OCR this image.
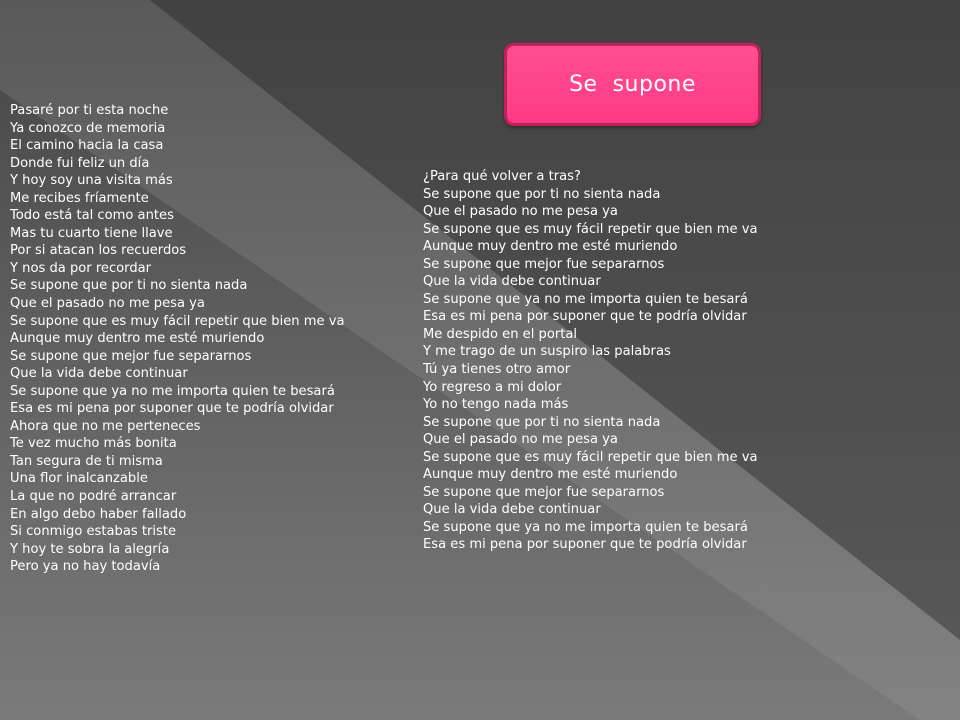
Se  supone
Pasaré por ti esta noche
Ya conozco de memoria
El camino hacia la casa
Donde fui feliz un día
Y hoy soy una visita más
Me recibes fríamente
Todo está tal como antes
Mas tu cuarto tiene llave
Por si atacan los recuerdos
Y nos da por recordar
Se supone que por ti no sienta nada
Que el pasado no me pesa ya
Se supone que es muy fácil repetir que bien me va
Aunque muy dentro me esté muriendo
Se supone que mejor fue separarnos
Que la vida debe continuar
Se supone que ya no me importa quien te besará
Esa es mi pena por suponer que te podría olvidar
Ahora que no me perteneces
Te vez mucho más bonita
Tan segura de ti misma
Una flor inalcanzable
La que no podré arrancar
En algo debo haber fallado
Si conmigo estabas triste
Y hoy te sobra la alegría
Pero ya no hay todavía
¿Para qué volver a tras?
Se supone que por ti no sienta nada
Que el pasado no me pesa ya
Se supone que es muy fácil repetir que bien me va
Aunque muy dentro me esté muriendo
Se supone que mejor fue separarnos
Que la vida debe continuar
Se supone que ya no me importa quien te besará
Esa es mi pena por suponer que te podría olvidar
Me despido en el portal
Y me trago de un suspiro las palabras
Tú ya tienes otro amor
Yo regreso a mi dolor
Yo no tengo nada más
Se supone que por ti no sienta nada
Que el pasado no me pesa ya
Se supone que es muy fácil repetir que bien me va
Aunque muy dentro me esté muriendo
Se supone que mejor fue separarnos
Que la vida debe continuar
Se supone que ya no me importa quien te besará
Esa es mi pena por suponer que te podría olvidar
